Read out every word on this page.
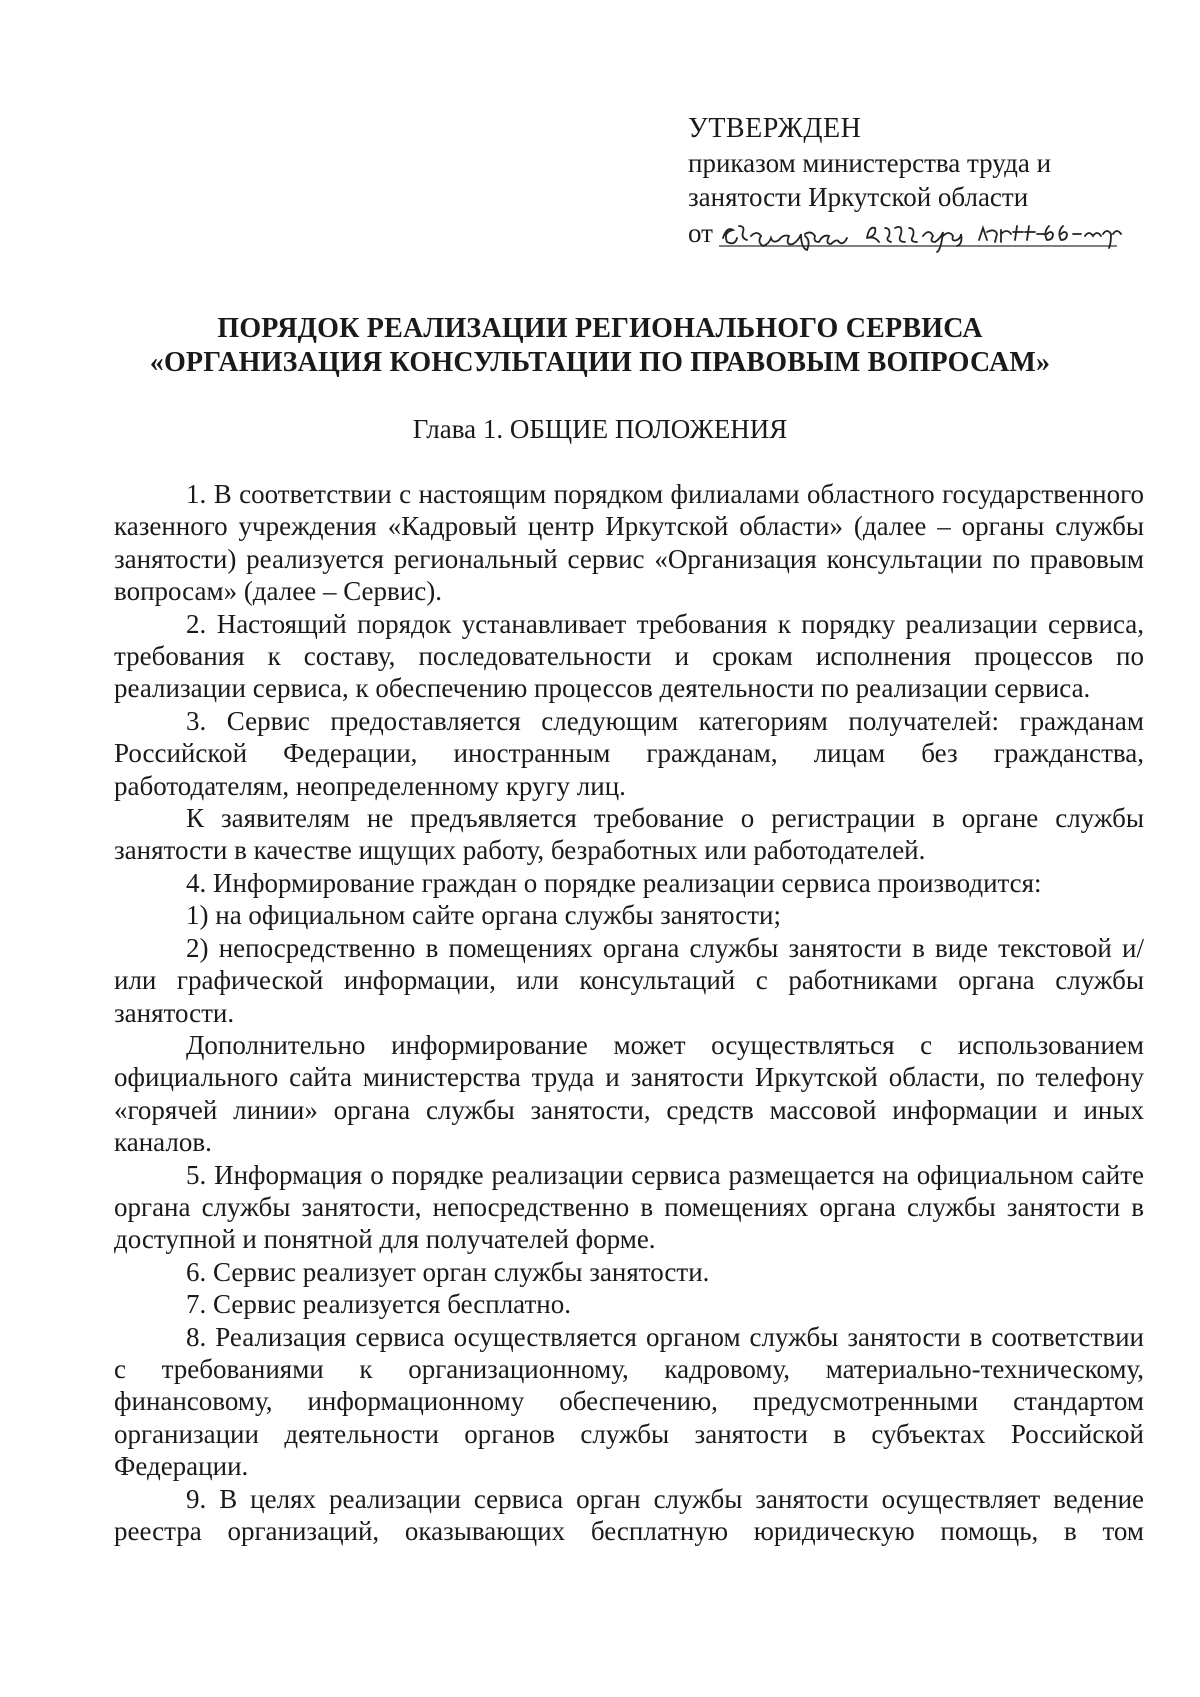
УТВЕРЖДЕН
приказом министерства труда и
занятости Иркутской области
от
ПОРЯДОК РЕАЛИЗАЦИИ РЕГИОНАЛЬНОГО СЕРВИСА
«ОРГАНИЗАЦИЯ КОНСУЛЬТАЦИИ ПО ПРАВОВЫМ ВОПРОСАМ»
Глава 1. ОБЩИЕ ПОЛОЖЕНИЯ

1. В соответствии с настоящим порядком филиалами областного государственного казенного учреждения «Кадровый центр Иркутской области» (далее – органы службы занятости) реализуется региональный сервис «Организация консультации по правовым вопросам» (далее – Сервис).

2. Настоящий порядок устанавливает требования к порядку реализации сервиса, требования к составу, последовательности и срокам исполнения процессов по реализации сервиса, к обеспечению процессов деятельности по реализации сервиса.

3. Сервис предоставляется следующим категориям получателей: гражданам Российской Федерации, иностранным гражданам, лицам без гражданства, работодателям, неопределенному кругу лиц.

К заявителям не предъявляется требование о регистрации в органе службы занятости в качестве ищущих работу, безработных или работодателей.

4. Информирование граждан о порядке реализации сервиса производится:

1) на официальном сайте органа службы занятости;

2) непосредственно в помещениях органа службы занятости в виде текстовой и/или графической информации, или консультаций с работниками органа службы занятости.

Дополнительно информирование может осуществляться с использованием официального сайта министерства труда и занятости Иркутской области, по телефону «горячей линии» органа службы занятости, средств массовой информации и иных каналов.

5. Информация о порядке реализации сервиса размещается на официальном сайте органа службы занятости, непосредственно в помещениях органа службы занятости в доступной и понятной для получателей форме.

6. Сервис реализует орган службы занятости.

7. Сервис реализуется бесплатно.

8. Реализация сервиса осуществляется органом службы занятости в соответствии с требованиями к организационному, кадровому, материально-техническому, финансовому, информационному обеспечению, предусмотренными стандартом организации деятельности органов службы занятости в субъектах Российской Федерации.

9. В целях реализации сервиса орган службы занятости осуществляет ведение реестра организаций, оказывающих бесплатную юридическую помощь, в том
